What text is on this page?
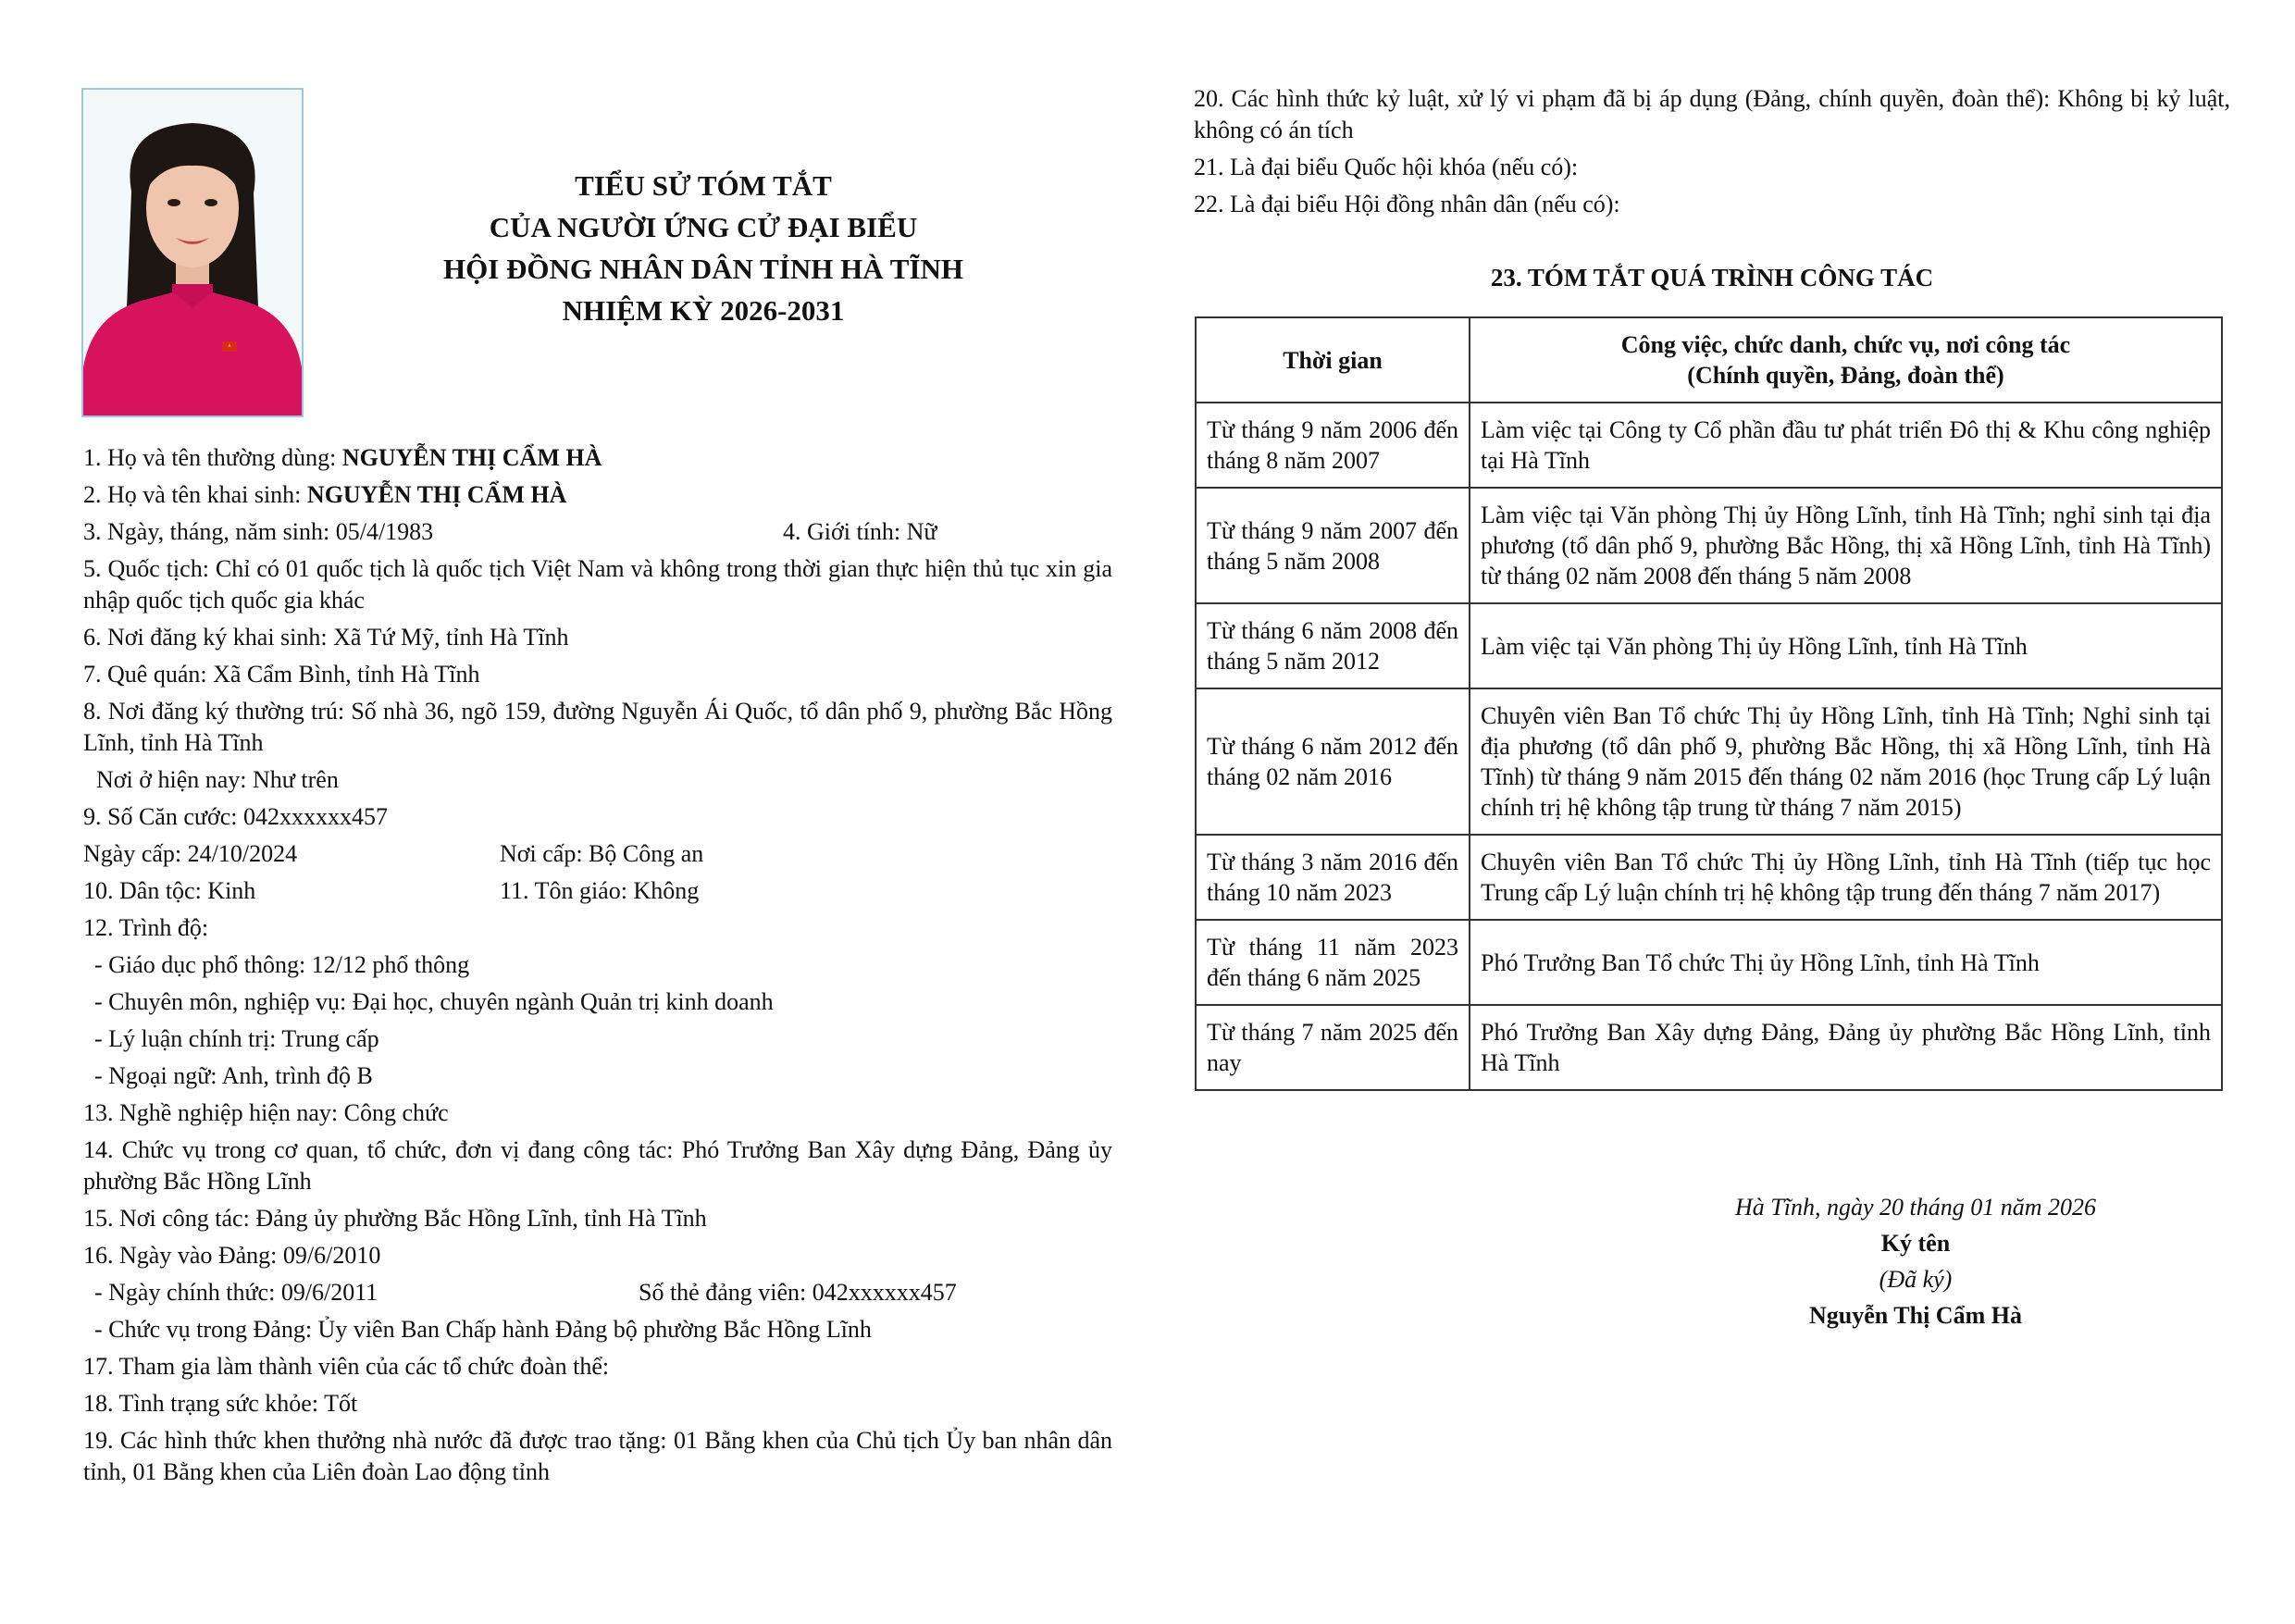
TIỂU SỬ TÓM TẮT
CỦA NGƯỜI ỨNG CỬ ĐẠI BIỂU
HỘI ĐỒNG NHÂN DÂN TỈNH HÀ TĨNH
NHIỆM KỲ 2026-2031
1. Họ và tên thường dùng: NGUYỄN THỊ CẨM HÀ
2. Họ và tên khai sinh: NGUYỄN THỊ CẨM HÀ
3. Ngày, tháng, năm sinh: 05/4/1983	4. Giới tính: Nữ
5. Quốc tịch: Chỉ có 01 quốc tịch là quốc tịch Việt Nam và không trong thời gian thực hiện thủ tục xin gia nhập quốc tịch quốc gia khác
6. Nơi đăng ký khai sinh: Xã Tứ Mỹ, tỉnh Hà Tĩnh
7. Quê quán: Xã Cẩm Bình, tỉnh Hà Tĩnh
8. Nơi đăng ký thường trú: Số nhà 36, ngõ 159, đường Nguyễn Ái Quốc, tổ dân phố 9, phường Bắc Hồng Lĩnh, tỉnh Hà Tĩnh
Nơi ở hiện nay: Như trên
9. Số Căn cước: 042xxxxxx457
Ngày cấp: 24/10/2024	Nơi cấp: Bộ Công an
10. Dân tộc: Kinh	11. Tôn giáo: Không
12. Trình độ:
- Giáo dục phổ thông: 12/12 phổ thông
- Chuyên môn, nghiệp vụ: Đại học, chuyên ngành Quản trị kinh doanh
- Lý luận chính trị: Trung cấp
- Ngoại ngữ: Anh, trình độ B
13. Nghề nghiệp hiện nay: Công chức
14. Chức vụ trong cơ quan, tổ chức, đơn vị đang công tác: Phó Trưởng Ban Xây dựng Đảng, Đảng ủy phường Bắc Hồng Lĩnh
15. Nơi công tác: Đảng ủy phường Bắc Hồng Lĩnh, tỉnh Hà Tĩnh
16. Ngày vào Đảng: 09/6/2010
- Ngày chính thức: 09/6/2011	Số thẻ đảng viên: 042xxxxxx457
- Chức vụ trong Đảng: Ủy viên Ban Chấp hành Đảng bộ phường Bắc Hồng Lĩnh
17. Tham gia làm thành viên của các tổ chức đoàn thể:
18. Tình trạng sức khỏe: Tốt
19. Các hình thức khen thưởng nhà nước đã được trao tặng: 01 Bằng khen của Chủ tịch Ủy ban nhân dân tỉnh, 01 Bằng khen của Liên đoàn Lao động tỉnh
20. Các hình thức kỷ luật, xử lý vi phạm đã bị áp dụng (Đảng, chính quyền, đoàn thể): Không bị kỷ luật, không có án tích
21. Là đại biểu Quốc hội khóa (nếu có):
22. Là đại biểu Hội đồng nhân dân (nếu có):
23. TÓM TẮT QUÁ TRÌNH CÔNG TÁC
Thời gian	Công việc, chức danh, chức vụ, nơi công tác
(Chính quyền, Đảng, đoàn thể)

Từ tháng 9 năm 2006 đến tháng 8 năm 2007	Làm việc tại Công ty Cổ phần đầu tư phát triển Đô thị & Khu công nghiệp tại Hà Tĩnh
Từ tháng 9 năm 2007 đến tháng 5 năm 2008	Làm việc tại Văn phòng Thị ủy Hồng Lĩnh, tỉnh Hà Tĩnh; nghỉ sinh tại địa phương (tổ dân phố 9, phường Bắc Hồng, thị xã Hồng Lĩnh, tỉnh Hà Tĩnh) từ tháng 02 năm 2008 đến tháng 5 năm 2008
Từ tháng 6 năm 2008 đến tháng 5 năm 2012	Làm việc tại Văn phòng Thị ủy Hồng Lĩnh, tỉnh Hà Tĩnh
Từ tháng 6 năm 2012 đến tháng 02 năm 2016	Chuyên viên Ban Tổ chức Thị ủy Hồng Lĩnh, tỉnh Hà Tĩnh; Nghỉ sinh tại địa phương (tổ dân phố 9, phường Bắc Hồng, thị xã Hồng Lĩnh, tỉnh Hà Tĩnh) từ tháng 9 năm 2015 đến tháng 02 năm 2016 (học Trung cấp Lý luận chính trị hệ không tập trung từ tháng 7 năm 2015)
Từ tháng 3 năm 2016 đến tháng 10 năm 2023	Chuyên viên Ban Tổ chức Thị ủy Hồng Lĩnh, tỉnh Hà Tĩnh (tiếp tục học Trung cấp Lý luận chính trị hệ không tập trung đến tháng 7 năm 2017)
Từ tháng 11 năm 2023 đến tháng 6 năm 2025	Phó Trưởng Ban Tổ chức Thị ủy Hồng Lĩnh, tỉnh Hà Tĩnh
Từ tháng 7 năm 2025 đến nay	Phó Trưởng Ban Xây dựng Đảng, Đảng ủy phường Bắc Hồng Lĩnh, tỉnh Hà Tĩnh
Hà Tĩnh, ngày 20 tháng 01 năm 2026
Ký tên
(Đã ký)
Nguyễn Thị Cẩm Hà
